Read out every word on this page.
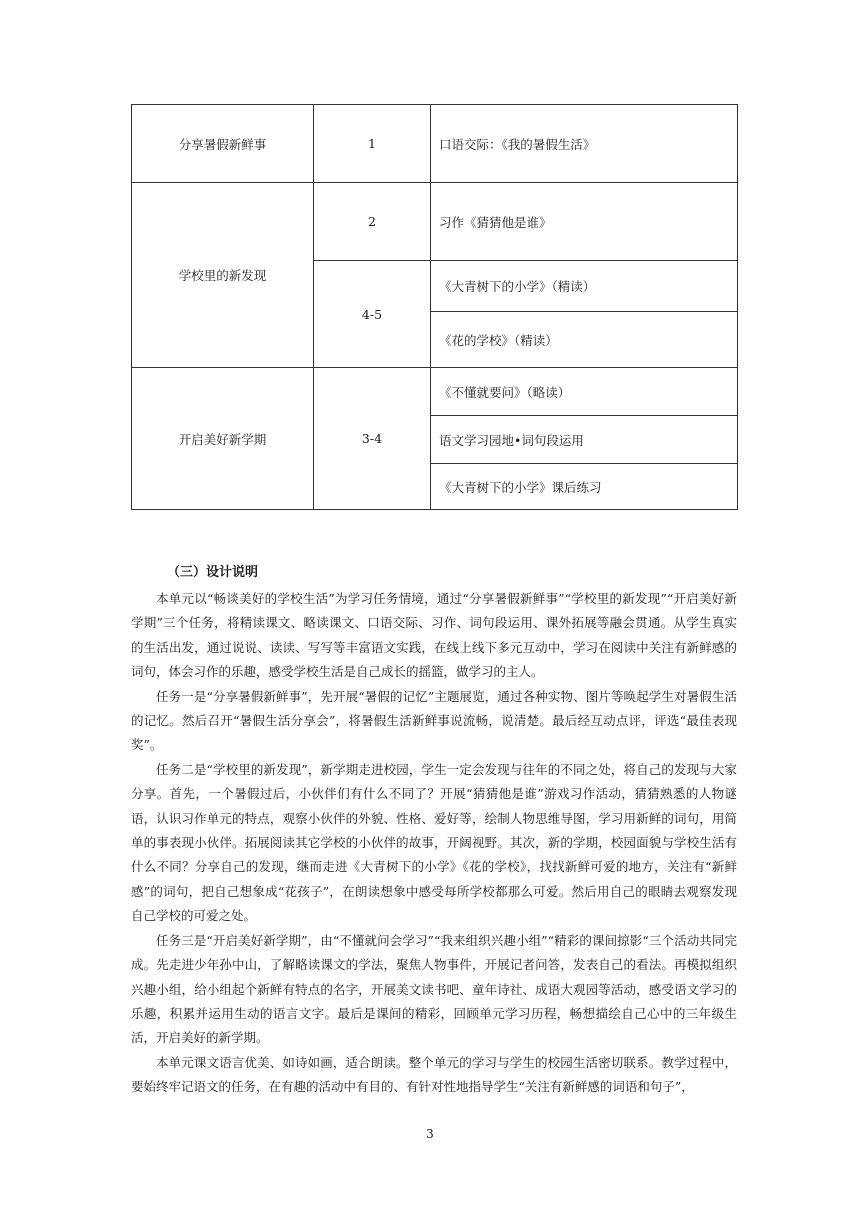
分享暑假新鲜事	1	口语交际：《我的暑假生活》
学校里的新发现	2	习作《猜猜他是谁》
	4-5	《大青树下的小学》（精读）
		《花的学校》（精读）
开启美好新学期	3-4	《不懂就要问》（略读）
		语文学习园地•词句段运用
		《大青树下的小学》课后练习
（三）设计说明

本单元以“畅谈美好的学校生活”为学习任务情境，通过“分享暑假新鲜事”“学校里的新发现”“开启美好新学期”三个任务，将精读课文、略读课文、口语交际、习作、词句段运用、课外拓展等融会贯通。从学生真实的生活出发，通过说说、读读、写写等丰富语文实践，在线上线下多元互动中，学习在阅读中关注有新鲜感的词句，体会习作的乐趣，感受学校生活是自己成长的摇篮，做学习的主人。

任务一是“分享暑假新鲜事”，先开展“暑假的记忆”主题展览，通过各种实物、图片等唤起学生对暑假生活的记忆。然后召开“暑假生活分享会”，将暑假生活新鲜事说流畅，说清楚。最后经互动点评，评选“最佳表现奖”。

任务二是“学校里的新发现”，新学期走进校园，学生一定会发现与往年的不同之处，将自己的发现与大家分享。首先，一个暑假过后，小伙伴们有什么不同了？开展“猜猜他是谁”游戏习作活动，猜猜熟悉的人物谜语，认识习作单元的特点，观察小伙伴的外貌、性格、爱好等，绘制人物思维导图，学习用新鲜的词句，用简单的事表现小伙伴。拓展阅读其它学校的小伙伴的故事，开阔视野。其次，新的学期，校园面貌与学校生活有什么不同？分享自己的发现，继而走进《大青树下的小学》《花的学校》，找找新鲜可爱的地方，关注有“新鲜感”的词句，把自己想象成“花孩子”，在朗读想象中感受每所学校都那么可爱。然后用自己的眼睛去观察发现自己学校的可爱之处。

任务三是“开启美好新学期”，由“不懂就问会学习”“我来组织兴趣小组”“精彩的课间掠影“三个活动共同完成。先走进少年孙中山，了解略读课文的学法，聚焦人物事件，开展记者问答，发表自己的看法。再模拟组织兴趣小组，给小组起个新鲜有特点的名字，开展美文读书吧、童年诗社、成语大观园等活动，感受语文学习的乐趣，积累并运用生动的语言文字。最后是课间的精彩，回顾单元学习历程，畅想描绘自己心中的三年级生活，开启美好的新学期。

本单元课文语言优美、如诗如画，适合朗读。整个单元的学习与学生的校园生活密切联系。教学过程中，要始终牢记语文的任务，在有趣的活动中有目的、有针对性地指导学生“关注有新鲜感的词语和句子”，

3
